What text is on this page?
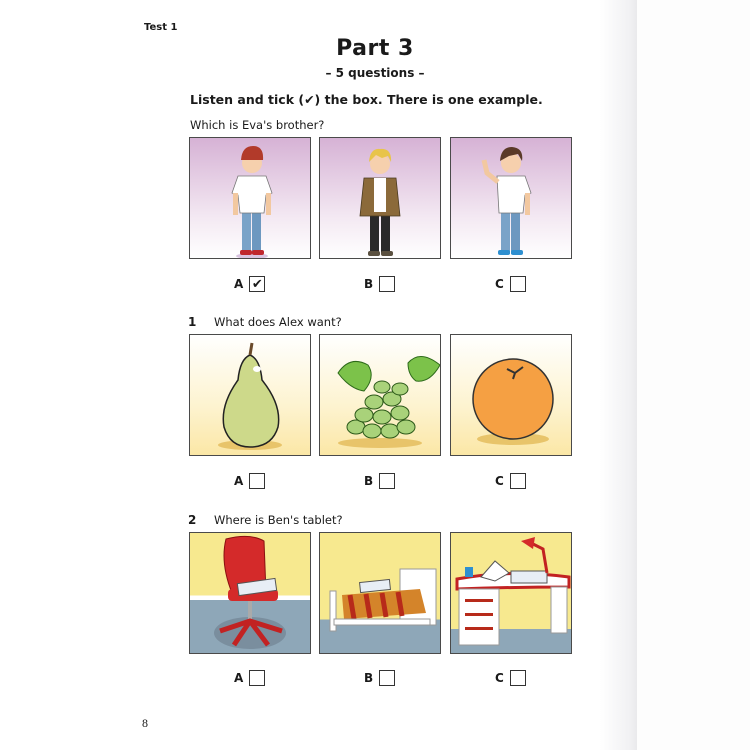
Test 1
Part 3
– 5 questions –
Listen and tick (✔) the box. There is one example.
Which is Eva's brother?
A ✔	B	C
1 What does Alex want?
A	B	C
2 Where is Ben's tablet?
A	B	C
8
